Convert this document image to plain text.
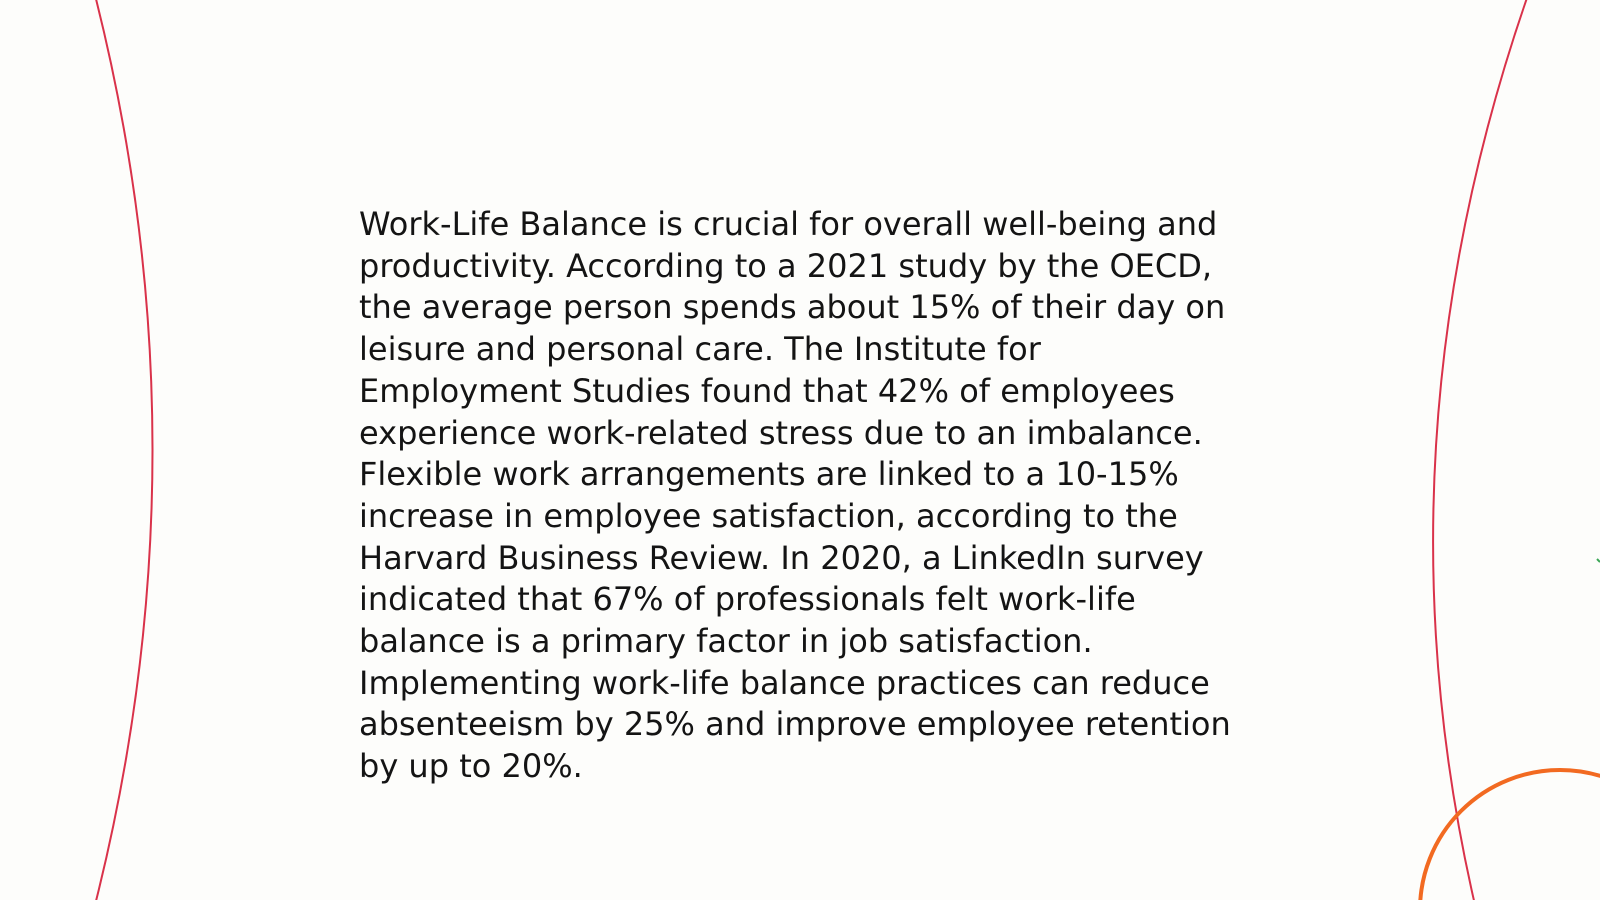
Work-Life Balance is crucial for overall well-being and
productivity. According to a 2021 study by the OECD,
the average person spends about 15% of their day on
leisure and personal care. The Institute for
Employment Studies found that 42% of employees
experience work-related stress due to an imbalance.
Flexible work arrangements are linked to a 10-15%
increase in employee satisfaction, according to the
Harvard Business Review. In 2020, a LinkedIn survey
indicated that 67% of professionals felt work-life
balance is a primary factor in job satisfaction.
Implementing work-life balance practices can reduce
absenteeism by 25% and improve employee retention
by up to 20%.
